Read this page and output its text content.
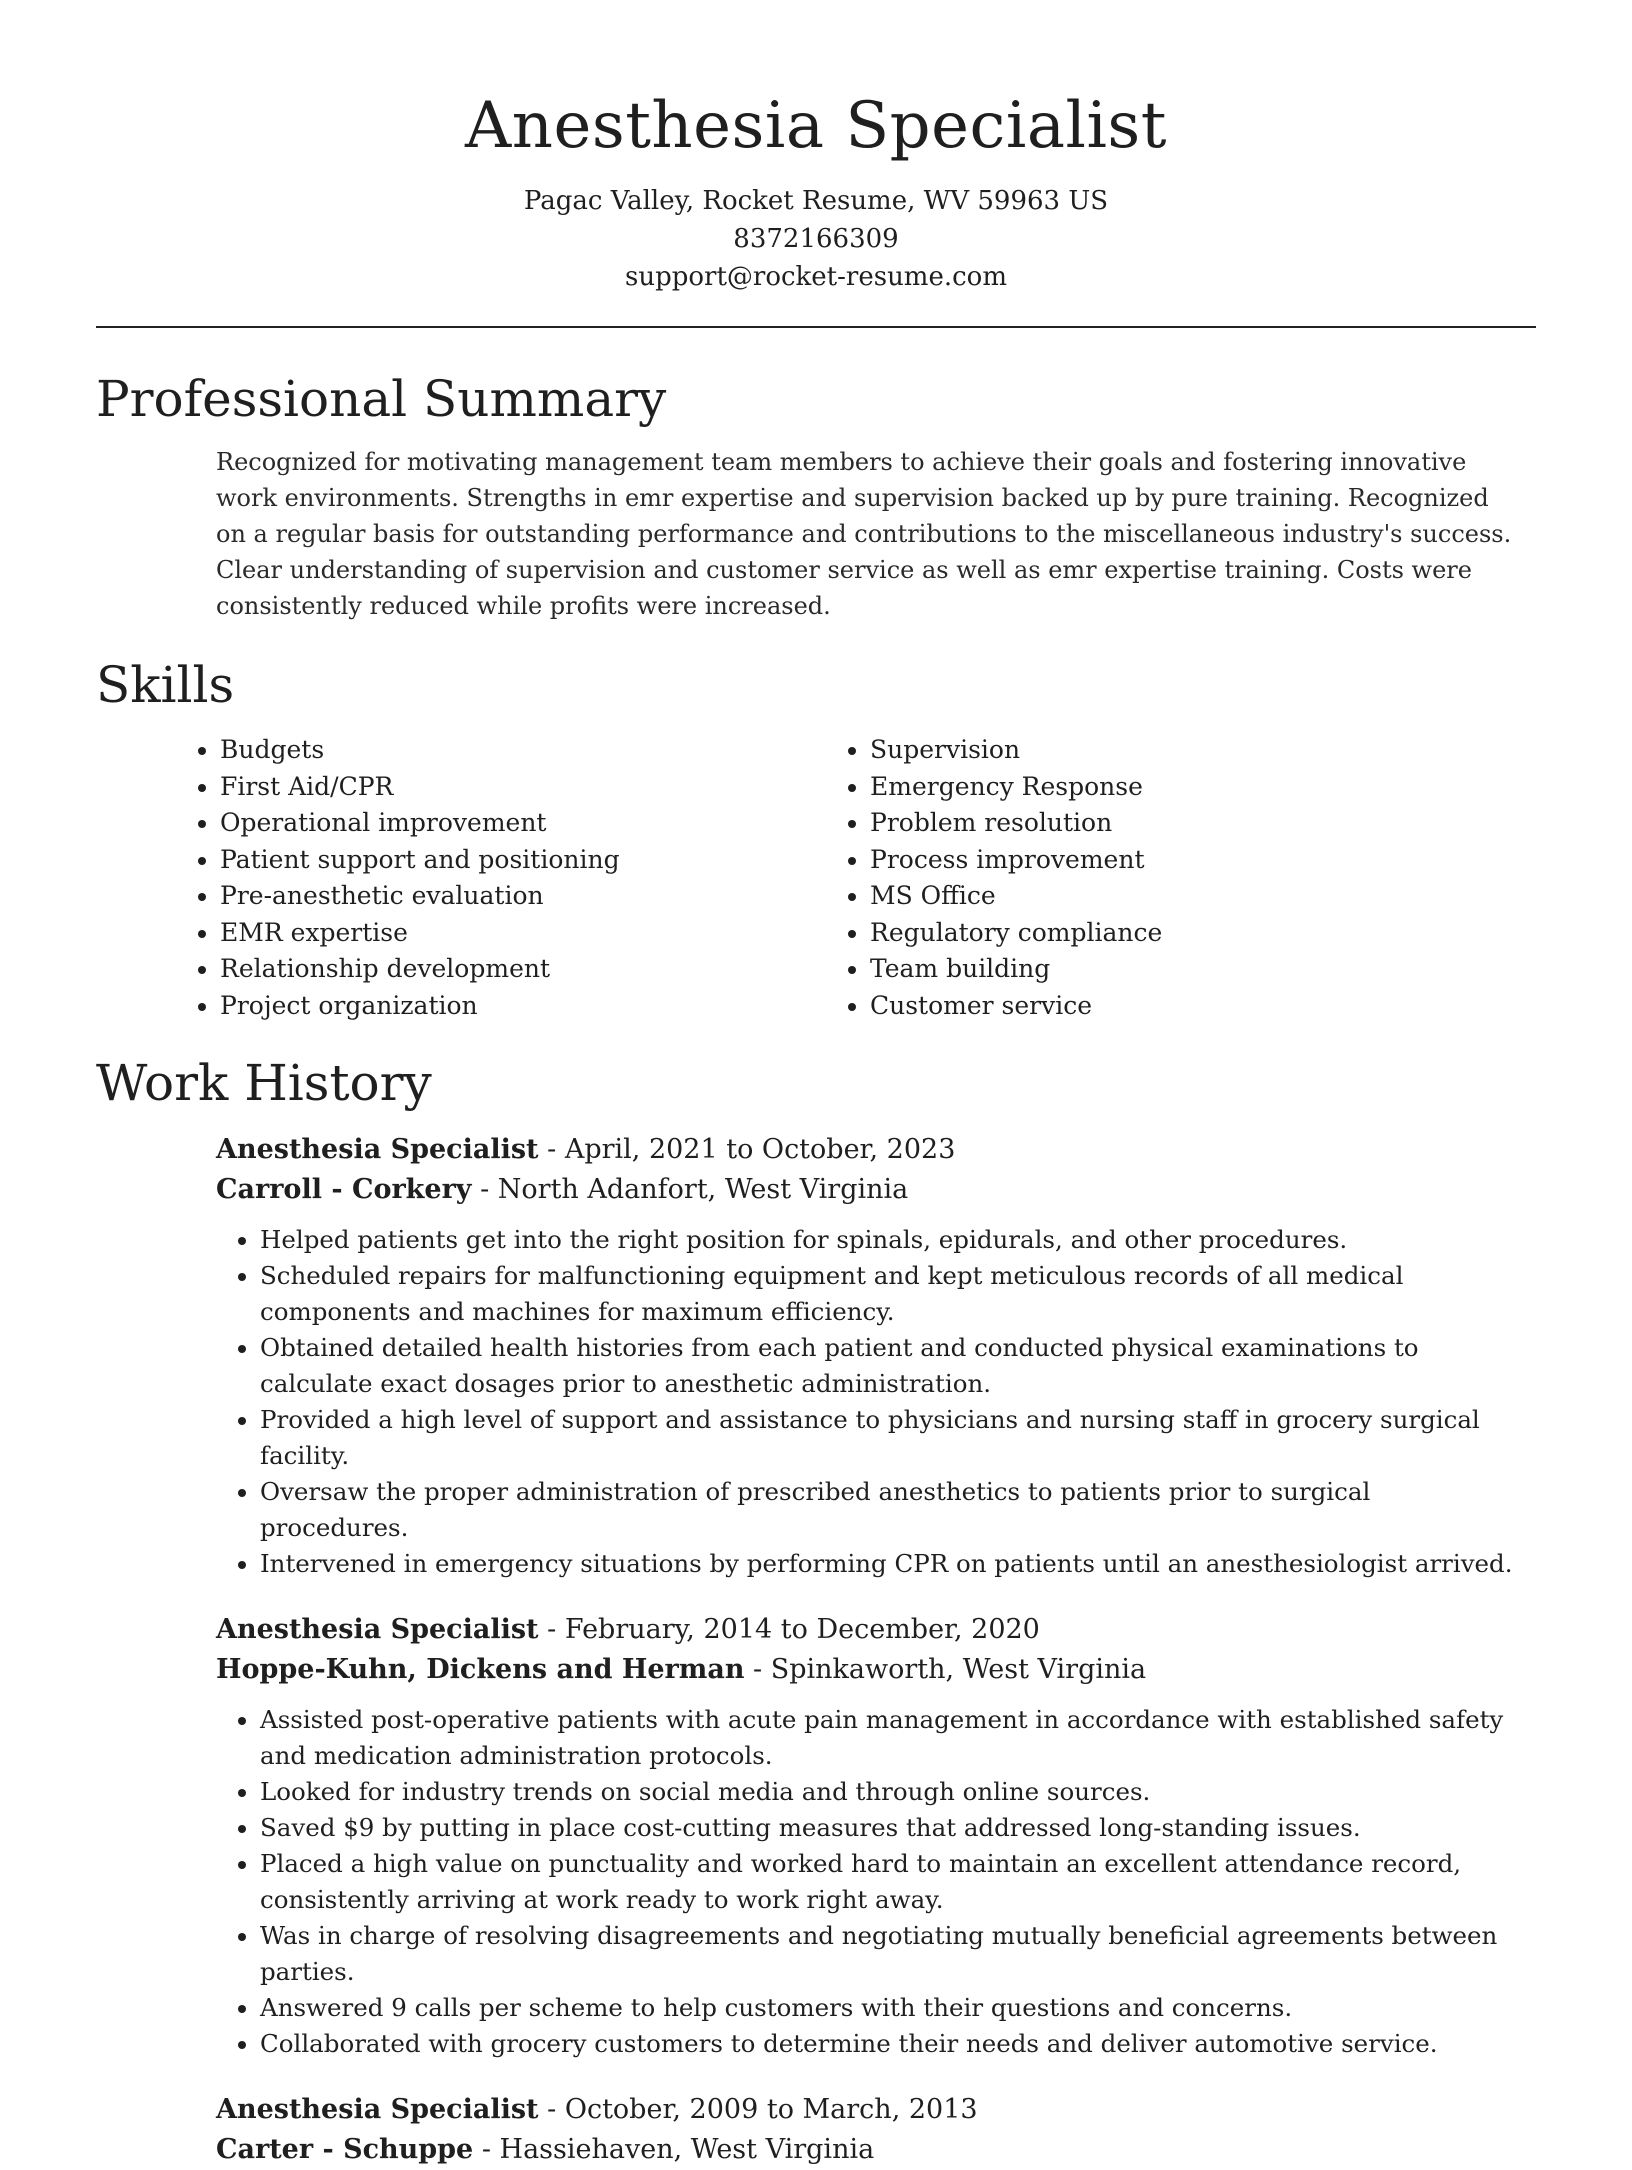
Anesthesia Specialist
Pagac Valley, Rocket Resume, WV 59963 US
8372166309
support@rocket-resume.com
Professional Summary
Recognized for motivating management team members to achieve their goals and fostering innovative work environments. Strengths in emr expertise and supervision backed up by pure training. Recognized on a regular basis for outstanding performance and contributions to the miscellaneous industry's success. Clear understanding of supervision and customer service as well as emr expertise training. Costs were consistently reduced while profits were increased.
Skills
• Budgets
• First Aid/CPR
• Operational improvement
• Patient support and positioning
• Pre-anesthetic evaluation
• EMR expertise
• Relationship development
• Project organization
• Supervision
• Emergency Response
• Problem resolution
• Process improvement
• MS Office
• Regulatory compliance
• Team building
• Customer service
Work History
Anesthesia Specialist - April, 2021 to October, 2023
Carroll - Corkery - North Adanfort, West Virginia
• Helped patients get into the right position for spinals, epidurals, and other procedures.
• Scheduled repairs for malfunctioning equipment and kept meticulous records of all medical components and machines for maximum efficiency.
• Obtained detailed health histories from each patient and conducted physical examinations to calculate exact dosages prior to anesthetic administration.
• Provided a high level of support and assistance to physicians and nursing staff in grocery surgical facility.
• Oversaw the proper administration of prescribed anesthetics to patients prior to surgical procedures.
• Intervened in emergency situations by performing CPR on patients until an anesthesiologist arrived.
Anesthesia Specialist - February, 2014 to December, 2020
Hoppe-Kuhn, Dickens and Herman - Spinkaworth, West Virginia
• Assisted post-operative patients with acute pain management in accordance with established safety and medication administration protocols.
• Looked for industry trends on social media and through online sources.
• Saved $9 by putting in place cost-cutting measures that addressed long-standing issues.
• Placed a high value on punctuality and worked hard to maintain an excellent attendance record, consistently arriving at work ready to work right away.
• Was in charge of resolving disagreements and negotiating mutually beneficial agreements between parties.
• Answered 9 calls per scheme to help customers with their questions and concerns.
• Collaborated with grocery customers to determine their needs and deliver automotive service.
Anesthesia Specialist - October, 2009 to March, 2013
Carter - Schuppe - Hassiehaven, West Virginia
